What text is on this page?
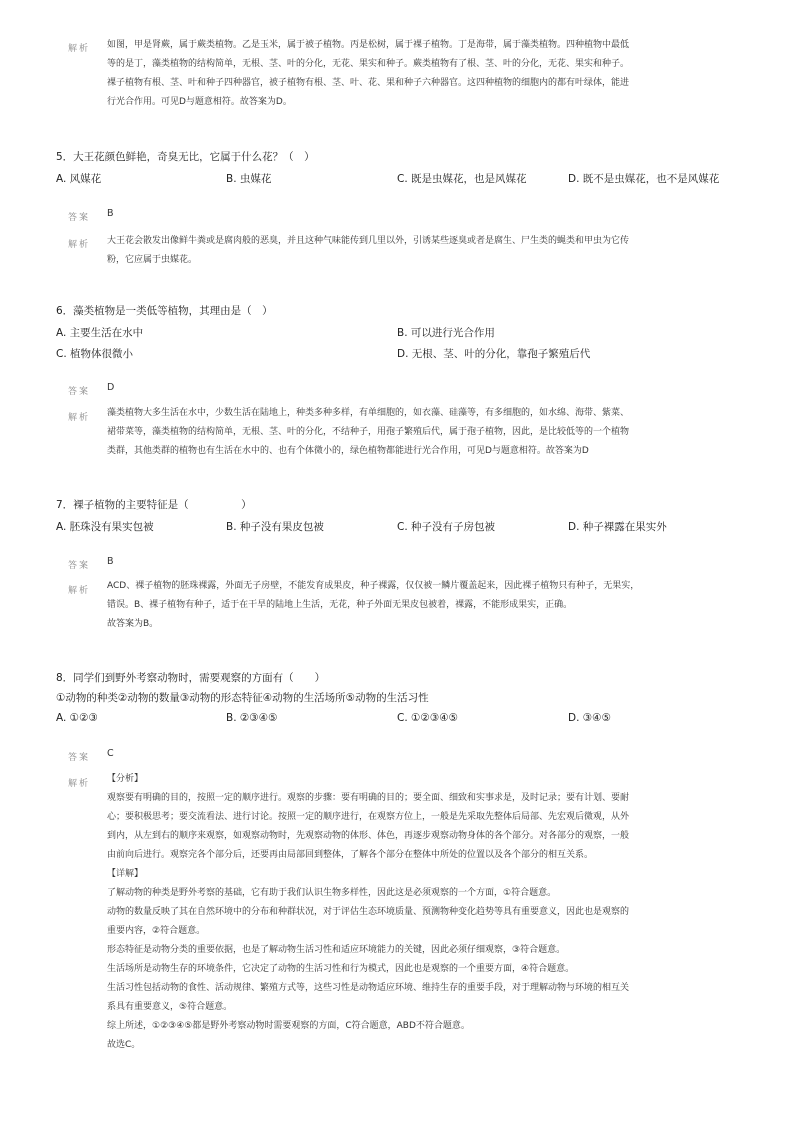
解析 如图，甲是肾蕨，属于蕨类植物。乙是玉米，属于被子植物。丙是松树，属于裸子植物。丁是海带，属于藻类植物。四种植物中最低
等的是丁，藻类植物的结构简单，无根、茎、叶的分化，无花、果实和种子。蕨类植物有了根、茎、叶的分化，无花、果实和种子。
裸子植物有根、茎、叶和种子四种器官，被子植物有根、茎、叶、花、果和种子六种器官。这四种植物的细胞内的都有叶绿体，能进
行光合作用。可见D与题意相符。故答案为D。
5．大王花颜色鲜艳，奇臭无比，它属于什么花？（　）
A. 风媒花	B. 虫媒花	C. 既是虫媒花，也是风媒花	D. 既不是虫媒花，也不是风媒花
答案 B
解析 大王花会散发出像鲜牛粪或是腐肉般的恶臭，并且这种气味能传到几里以外，引诱某些逐臭或者是腐生、尸生类的蝇类和甲虫为它传
粉，它应属于虫媒花。
6．藻类植物是一类低等植物，其理由是（　）
A. 主要生活在水中	B. 可以进行光合作用
C. 植物体很微小	D. 无根、茎、叶的分化，靠孢子繁殖后代
答案 D
解析 藻类植物大多生活在水中，少数生活在陆地上，种类多种多样，有单细胞的，如衣藻、硅藻等，有多细胞的，如水绵、海带、紫菜、
裙带菜等，藻类植物的结构简单，无根、茎、叶的分化，不结种子，用孢子繁殖后代，属于孢子植物，因此，是比较低等的一个植物
类群，其他类群的植物也有生活在水中的、也有个体微小的，绿色植物都能进行光合作用，可见D与题意相符。故答案为D
7．裸子植物的主要特征是（　　　　　）
A. 胚珠没有果实包被	B. 种子没有果皮包被	C. 种子没有子房包被	D. 种子裸露在果实外
答案 B
解析 ACD、裸子植物的胚珠裸露，外面无子房壁，不能发育成果皮，种子裸露，仅仅被一鳞片覆盖起来，因此裸子植物只有种子，无果实，
错误。B、裸子植物有种子，适于在干旱的陆地上生活，无花，种子外面无果皮包被着，裸露，不能形成果实，正确。
故答案为B。
8．同学们到野外考察动物时，需要观察的方面有（　　）
①动物的种类②动物的数量③动物的形态特征④动物的生活场所⑤动物的生活习性
A. ①②③	B. ②③④⑤	C. ①②③④⑤	D. ③④⑤
答案 C
解析 【分析】
观察要有明确的目的，按照一定的顺序进行。观察的步骤：要有明确的目的；要全面、细致和实事求是，及时记录；要有计划、要耐
心；要积极思考；要交流看法、进行讨论。按照一定的顺序进行，在观察方位上，一般是先采取先整体后局部、先宏观后微观，从外
到内，从左到右的顺序来观察，如观察动物时，先观察动物的体形、体色，再逐步观察动物身体的各个部分。对各部分的观察，一般
由前向后进行。观察完各个部分后，还要再由局部回到整体，了解各个部分在整体中所处的位置以及各个部分的相互关系。
【详解】
了解动物的种类是野外考察的基础，它有助于我们认识生物多样性，因此这是必须观察的一个方面，①符合题意。
动物的数量反映了其在自然环境中的分布和种群状况，对于评估生态环境质量、预测物种变化趋势等具有重要意义，因此也是观察的
重要内容，②符合题意。
形态特征是动物分类的重要依据，也是了解动物生活习性和适应环境能力的关键，因此必须仔细观察，③符合题意。
生活场所是动物生存的环境条件，它决定了动物的生活习性和行为模式，因此也是观察的一个重要方面，④符合题意。
生活习性包括动物的食性、活动规律、繁殖方式等，这些习性是动物适应环境、维持生存的重要手段，对于理解动物与环境的相互关
系具有重要意义，⑤符合题意。
综上所述，①②③④⑤都是野外考察动物时需要观察的方面，C符合题意，ABD不符合题意。
故选C。
